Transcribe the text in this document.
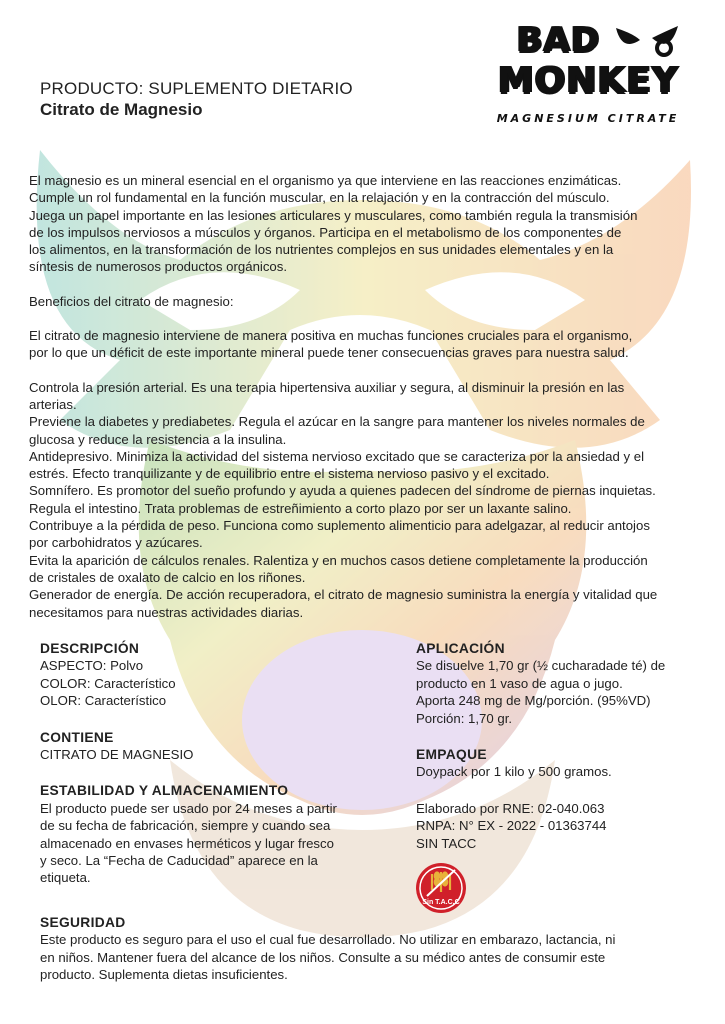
BAD
MONKEY
MAGNESIUM CITRATE
PRODUCTO: SUPLEMENTO DIETARIO
Citrato de Magnesio

El magnesio es un mineral esencial en el organismo ya que interviene en las reacciones enzimáticas.

Cumple un rol fundamental en la función muscular, en la relajación y en la contracción del músculo.

Juega un papel importante en las lesiones articulares y musculares, como también regula la transmisión

de los impulsos nerviosos a músculos y órganos. Participa en el metabolismo de los componentes de

los alimentos, en la transformación de los nutrientes complejos en sus unidades elementales y en la

síntesis de numerosos productos orgánicos.

Beneficios del citrato de magnesio:

El citrato de magnesio interviene de manera positiva en muchas funciones cruciales para el organismo,

por lo que un déficit de este importante mineral puede tener consecuencias graves para nuestra salud.

Controla la presión arterial. Es una terapia hipertensiva auxiliar y segura, al disminuir la presión en las

arterias.

Previene la diabetes y prediabetes. Regula el azúcar en la sangre para mantener los niveles normales de

glucosa y reduce la resistencia a la insulina.

Antidepresivo. Minimiza la actividad del sistema nervioso excitado que se caracteriza por la ansiedad y el

estrés. Efecto tranquilizante y de equilibrio entre el sistema nervioso pasivo y el excitado.

Somnífero. Es promotor del sueño profundo y ayuda a quienes padecen del síndrome de piernas inquietas.

Regula el intestino. Trata problemas de estreñimiento a corto plazo por ser un laxante salino.

Contribuye a la pérdida de peso. Funciona como suplemento alimenticio para adelgazar, al reducir antojos

por carbohidratos y azúcares.

Evita la aparición de cálculos renales. Ralentiza y en muchos casos detiene completamente la producción

de cristales de oxalato de calcio en los riñones.

Generador de energía. De acción recuperadora, el citrato de magnesio suministra la energía y vitalidad que

necesitamos para nuestras actividades diarias.

DESCRIPCIÓN
ASPECTO: Polvo
COLOR: Característico
OLOR: Característico
CONTIENE
CITRATO DE MAGNESIO
ESTABILIDAD Y ALMACENAMIENTO
El producto puede ser usado por 24 meses a partir
de su fecha de fabricación, siempre y cuando sea
almacenado en envases herméticos y lugar fresco
y seco. La “Fecha de Caducidad” aparece en la
etiqueta.
APLICACIÓN
Se disuelve 1,70 gr (½ cucharadade té) de
producto en 1 vaso de agua o jugo.
Aporta 248 mg de Mg/porción. (95%VD)
Porción: 1,70 gr.
EMPAQUE
Doypack por 1 kilo y 500 gramos.
Elaborado por RNE: 02-040.063
RNPA: N° EX - 2022 - 01363744
SIN TACC
Sin T.A.C.C
SEGURIDAD
Este producto es seguro para el uso el cual fue desarrollado. No utilizar en embarazo, lactancia, ni
en niños. Mantener fuera del alcance de los niños. Consulte a su médico antes de consumir este
producto. Suplementa dietas insuficientes.
